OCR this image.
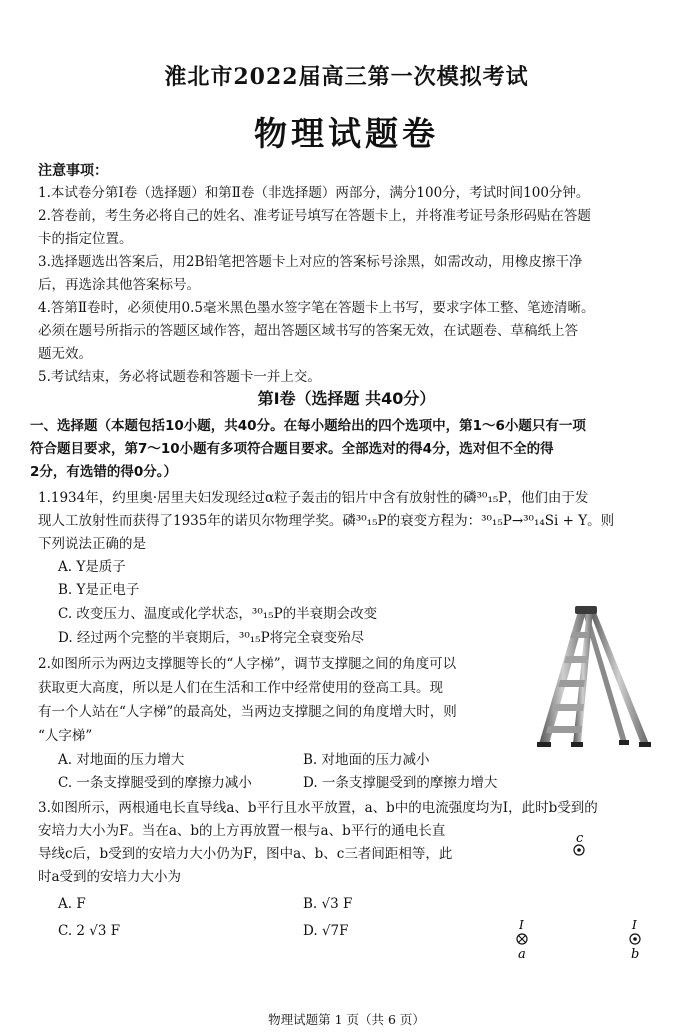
淮北市2022届高三第一次模拟考试
物理试题卷
注意事项：
1.本试卷分第Ⅰ卷（选择题）和第Ⅱ卷（非选择题）两部分，满分100分，考试时间100分钟。
2.答卷前，考生务必将自己的姓名、准考证号填写在答题卡上，并将准考证号条形码贴在答题
卡的指定位置。
3.选择题选出答案后，用2B铅笔把答题卡上对应的答案标号涂黑，如需改动，用橡皮擦干净
后，再选涂其他答案标号。
4.答第Ⅱ卷时，必须使用0.5毫米黑色墨水签字笔在答题卡上书写，要求字体工整、笔迹清晰。
必须在题号所指示的答题区域作答，超出答题区域书写的答案无效，在试题卷、草稿纸上答
题无效。
5.考试结束，务必将试题卷和答题卡一并上交。
第Ⅰ卷（选择题 共40分）
一、选择题（本题包括10小题，共40分。在每小题给出的四个选项中，第1～6小题只有一项
符合题目要求，第7～10小题有多项符合题目要求。全部选对的得4分，选对但不全的得
2分，有选错的得0分。）
1.1934年，约里奥·居里夫妇发现经过α粒子轰击的铝片中含有放射性的磷³⁰₁₅P，他们由于发
现人工放射性而获得了1935年的诺贝尔物理学奖。磷³⁰₁₅P的衰变方程为：³⁰₁₅P→³⁰₁₄Si + Y。则
下列说法正确的是
A. Y是质子
B. Y是正电子
C. 改变压力、温度或化学状态，³⁰₁₅P的半衰期会改变
D. 经过两个完整的半衰期后，³⁰₁₅P将完全衰变殆尽
2.如图所示为两边支撑腿等长的“人字梯”，调节支撑腿之间的角度可以
获取更大高度，所以是人们在生活和工作中经常使用的登高工具。现
有一个人站在“人字梯”的最高处，当两边支撑腿之间的角度增大时，则
“人字梯”
A. 对地面的压力增大	B. 对地面的压力减小
C. 一条支撑腿受到的摩擦力减小	D. 一条支撑腿受到的摩擦力增大
3.如图所示，两根通电长直导线a、b平行且水平放置，a、b中的电流强度均为I，此时b受到的
安培力大小为F。当在a、b的上方再放置一根与a、b平行的通电长直
导线c后，b受到的安培力大小仍为F，图中a、b、c三者间距相等，此
时a受到的安培力大小为
A. F	B. √3 F
C. 2 √3 F	D. √7F
c
I
a
I
b
物理试题第 1 页（共 6 页）
